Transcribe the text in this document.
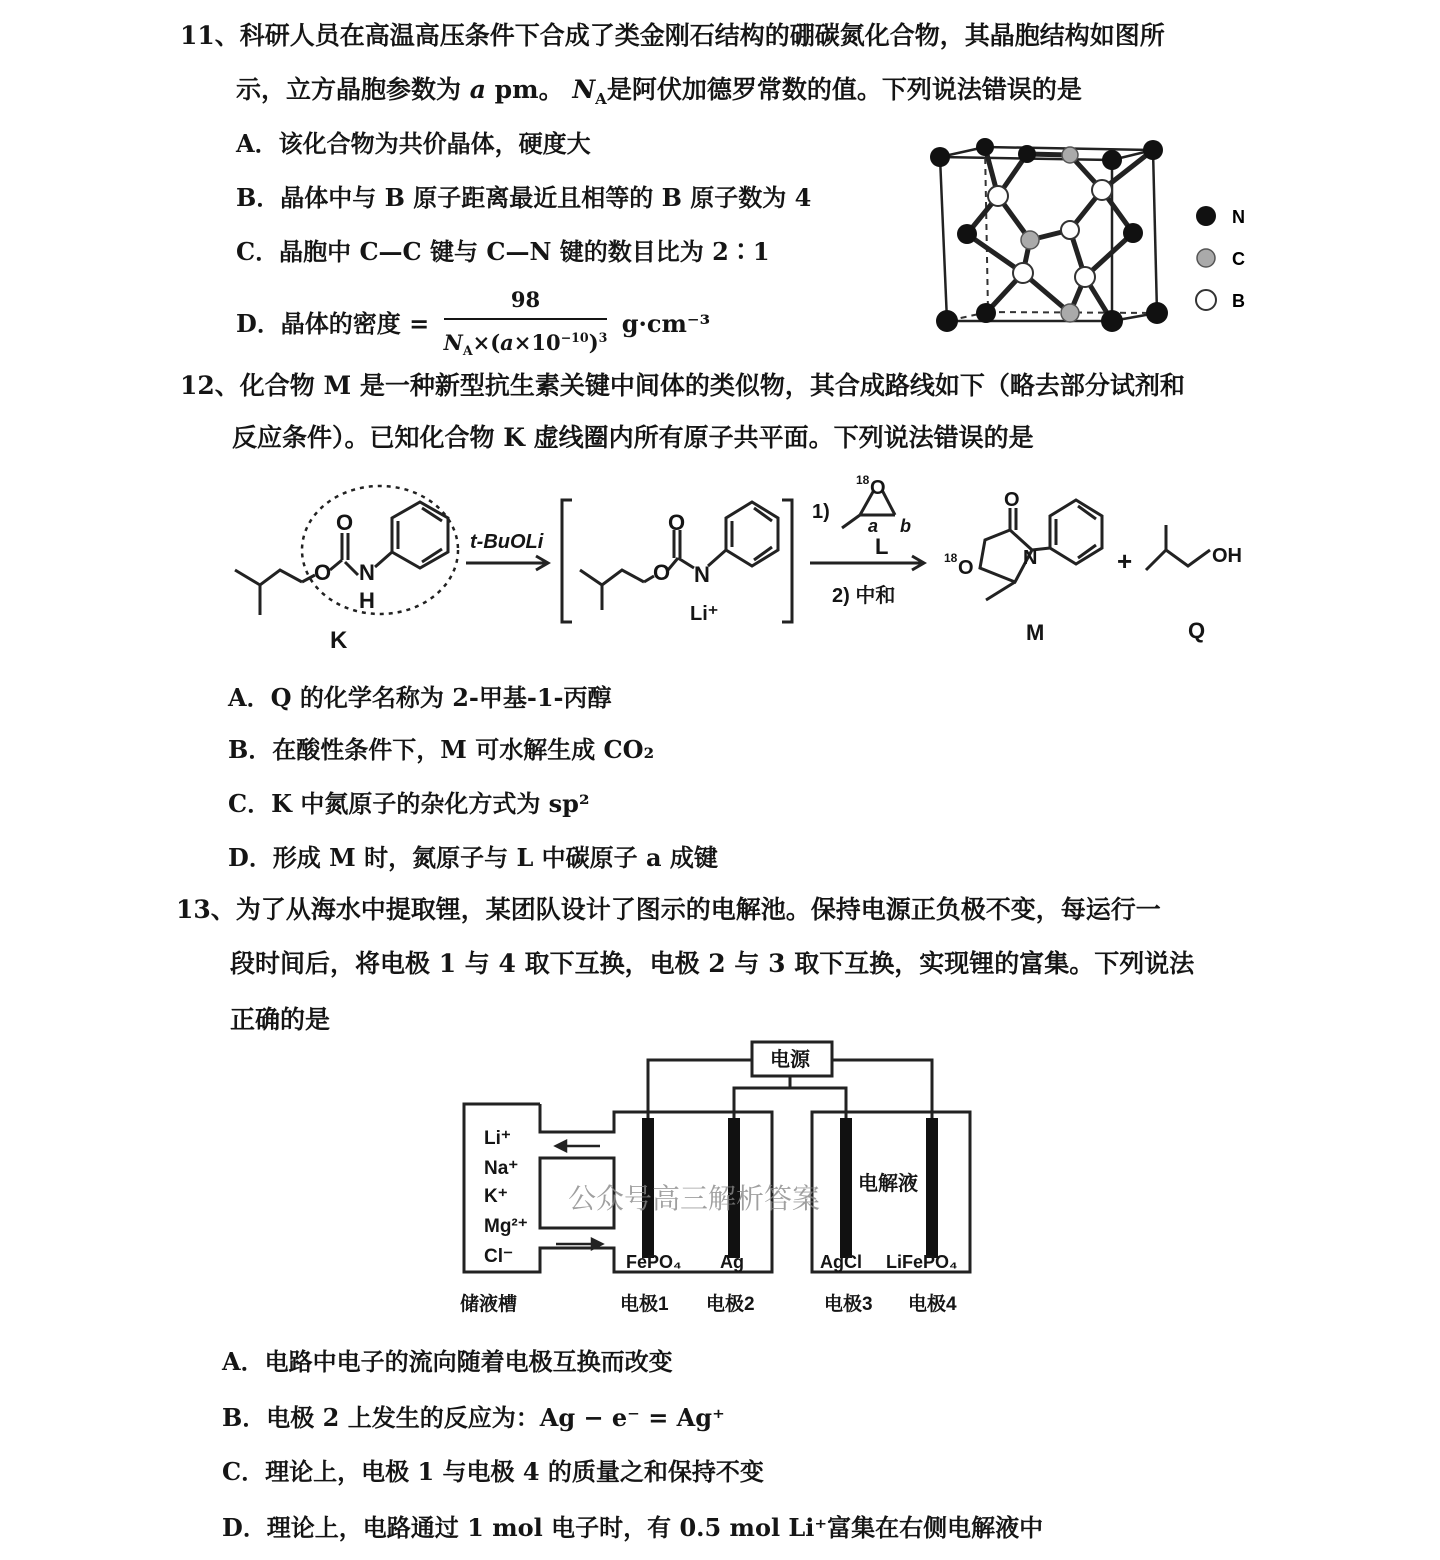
11、科研人员在高温高压条件下合成了类金刚石结构的硼碳氮化合物，其晶胞结构如图所
示，立方晶胞参数为 a pm。 $N_A$是阿伏加德罗常数的值。下列说法错误的是
A．该化合物为共价晶体，硬度大
B．晶体中与 B 原子距离最近且相等的 B 原子数为 4
C．晶胞中 C—C 键与 C—N 键的数目比为 2∶1
D．晶体的密度 = $\frac{98}{N_A\times(a\times 10^{-10})^3} g\cdot cm^{-3}$
N
C
B
12、化合物 M 是一种新型抗生素关键中间体的类似物，其合成路线如下（略去部分试剂和
反应条件）。已知化合物 K 虚线圈内所有原子共平面。下列说法错误的是
O
O
N
H
K
t-BuOLi
O
O
N
Li⁺
1)
18 O
a b
L
2) 中和
18 O
O
N
M
+	OH
Q
A．Q 的化学名称为 2-甲基-1-丙醇
B．在酸性条件下，M 可水解生成 CO₂
C．K 中氮原子的杂化方式为 sp²
D．形成 M 时，氮原子与 L 中碳原子 a 成键
13、为了从海水中提取锂，某团队设计了图示的电解池。保持电源正负极不变，每运行一
段时间后，将电极 1 与 4 取下互换，电极 2 与 3 取下互换，实现锂的富集。下列说法
正确的是
电源
Li⁺
Na⁺
K⁺
Mg²⁺
Cl⁻
电解液
FePO₄ Ag	AgCl LiFePO₄
储液槽	电极1 电极2	电极3 电极4
公众号高三解析答案
A．电路中电子的流向随着电极互换而改变
B．电极 2 上发生的反应为：Ag − e⁻ = Ag⁺
C．理论上，电极 1 与电极 4 的质量之和保持不变
D．理论上，电路通过 1 mol 电子时，有 0.5 mol Li⁺富集在右侧电解液中
